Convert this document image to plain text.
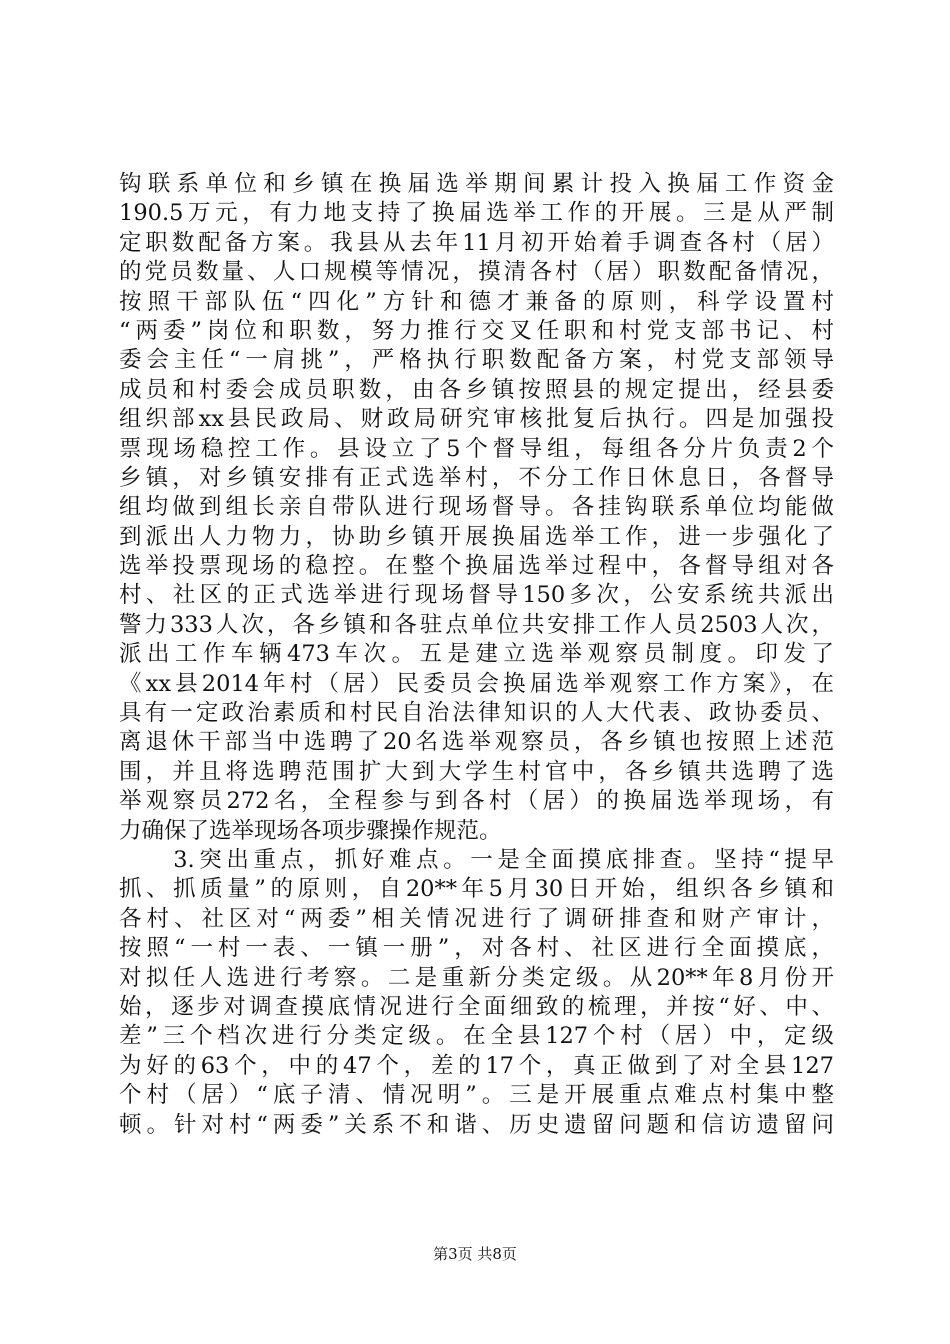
钩联系单位和乡镇在换届选举期间累计投入换届工作资金
190.5万元，有力地支持了换届选举工作的开展。三是从严制
定职数配备方案。我县从去年11月初开始着手调查各村（居）
的党员数量、人口规模等情况，摸清各村（居）职数配备情况，
按照干部队伍“四化”方针和德才兼备的原则，科学设置村
“两委”岗位和职数，努力推行交叉任职和村党支部书记、村
委会主任“一肩挑”，严格执行职数配备方案，村党支部领导
成员和村委会成员职数，由各乡镇按照县的规定提出，经县委
组织部xx县民政局、财政局研究审核批复后执行。四是加强投
票现场稳控工作。县设立了5个督导组，每组各分片负责2个
乡镇，对乡镇安排有正式选举村，不分工作日休息日，各督导
组均做到组长亲自带队进行现场督导。各挂钩联系单位均能做
到派出人力物力，协助乡镇开展换届选举工作，进一步强化了
选举投票现场的稳控。在整个换届选举过程中，各督导组对各
村、社区的正式选举进行现场督导150多次，公安系统共派出
警力333人次，各乡镇和各驻点单位共安排工作人员2503人次，
派出工作车辆473车次。五是建立选举观察员制度。印发了
《xx县2014年村（居）民委员会换届选举观察工作方案》，在
具有一定政治素质和村民自治法律知识的人大代表、政协委员、
离退休干部当中选聘了20名选举观察员，各乡镇也按照上述范
围，并且将选聘范围扩大到大学生村官中，各乡镇共选聘了选
举观察员272名，全程参与到各村（居）的换届选举现场，有
力确保了选举现场各项步骤操作规范。
　　3.突出重点，抓好难点。一是全面摸底排查。坚持“提早
抓、抓质量”的原则，自20**年5月30日开始，组织各乡镇和
各村、社区对“两委”相关情况进行了调研排查和财产审计，
按照“一村一表、一镇一册”，对各村、社区进行全面摸底，
对拟任人选进行考察。二是重新分类定级。从20**年8月份开
始，逐步对调查摸底情况进行全面细致的梳理，并按“好、中、
差”三个档次进行分类定级。在全县127个村（居）中，定级
为好的63个，中的47个，差的17个，真正做到了对全县127
个村（居）“底子清、情况明”。三是开展重点难点村集中整
顿。针对村“两委”关系不和谐、历史遗留问题和信访遗留问
第3页 共8页
